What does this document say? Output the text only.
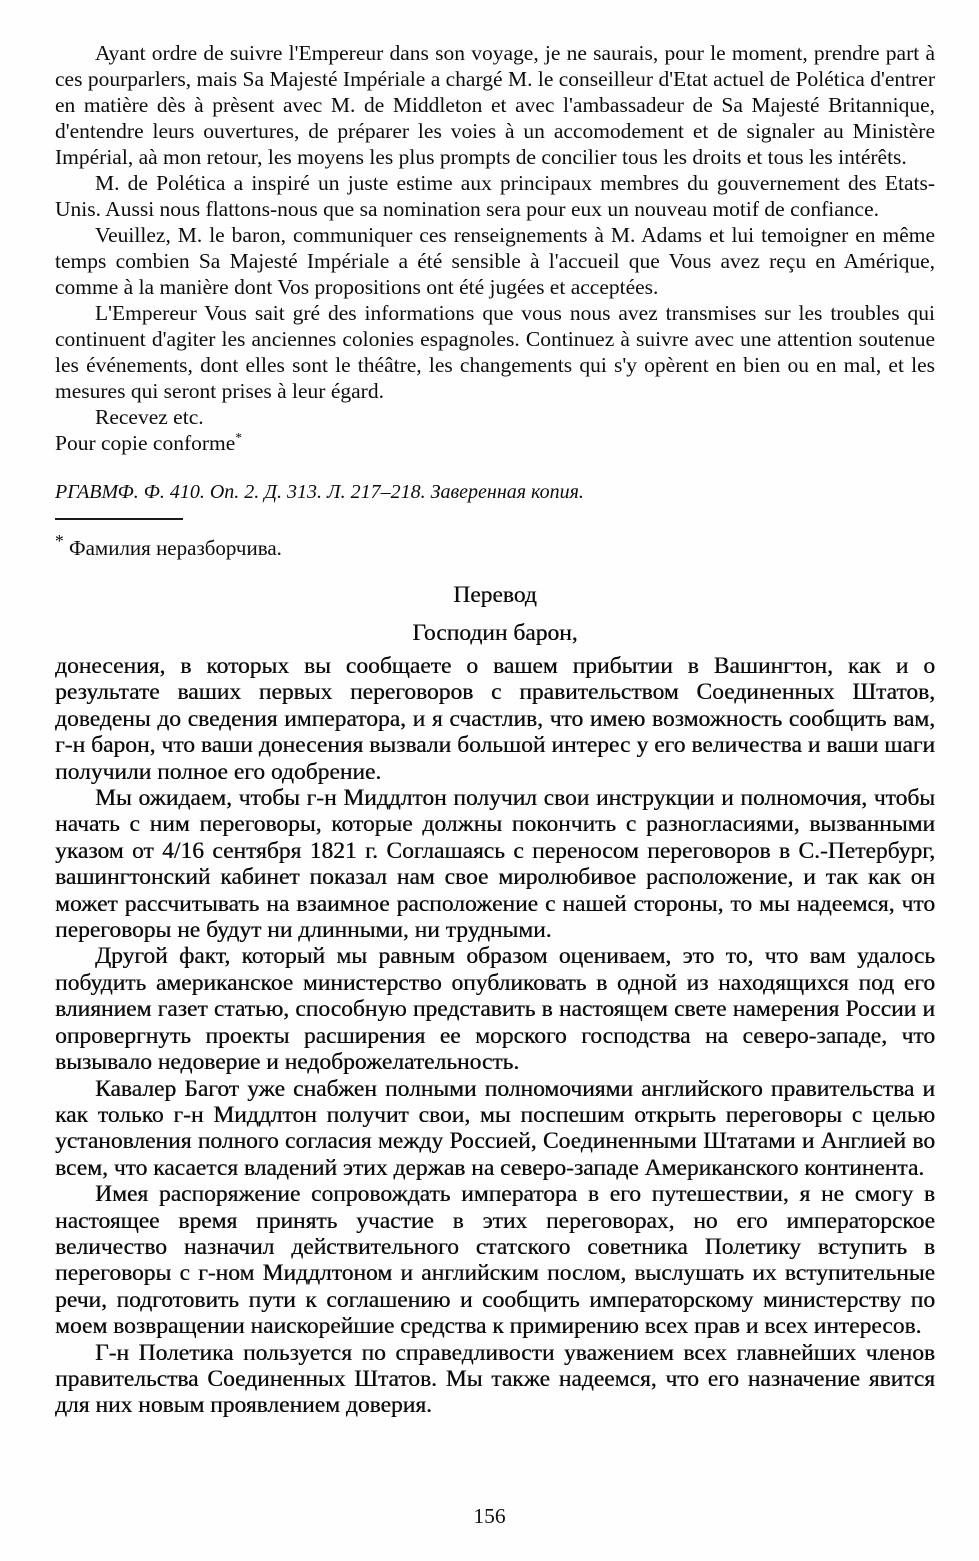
Ayant ordre de suivre l'Empereur dans son voyage, je ne saurais, pour le moment, prendre part à ces pourparlers, mais Sa Majesté Impériale a chargé M. le conseilleur d'Etat actuel de Polética d'entrer en matière dès à prèsent avec M. de Middleton et avec l'ambassadeur de Sa Majesté Britannique, d'entendre leurs ouvertures, de préparer les voies à un accomodement et de signaler au Ministère Impérial, aà mon retour, les moyens les plus prompts de concilier tous les droits et tous les intérêts.

M. de Polética a inspiré un juste estime aux principaux membres du gouvernement des Etats-Unis. Aussi nous flattons-nous que sa nomination sera pour eux un nouveau motif de confiance.

Veuillez, M. le baron, communiquer ces renseignements à M. Adams et lui temoigner en même temps combien Sa Majesté Impériale a été sensible à l'accueil que Vous avez reçu en Amérique, comme à la manière dont Vos propositions ont été jugées et acceptées.

L'Empereur Vous sait gré des informations que vous nous avez transmises sur les troubles qui continuent d'agiter les anciennes colonies espagnoles. Continuez à suivre avec une attention soutenue les événements, dont elles sont le théâtre, les changements qui s'y opèrent en bien ou en mal, et les mesures qui seront prises à leur égard.

Recevez etc.

Pour copie conforme*

РГАВМФ. Ф. 410. Оп. 2. Д. 313. Л. 217–218. Заверенная копия.

* Фамилия неразборчива.

Перевод
Господин барон,

донесения, в которых вы сообщаете о вашем прибытии в Вашингтон, как и о результате ваших первых переговоров с правительством Соединенных Штатов, доведены до сведения императора, и я счастлив, что имею возможность сообщить вам, г-н барон, что ваши донесения вызвали большой интерес у его величества и ваши шаги получили полное его одобрение.

Мы ожидаем, чтобы г-н Миддлтон получил свои инструкции и полномочия, чтобы начать с ним переговоры, которые должны покончить с разногласиями, вызванными указом от 4/16 сентября 1821 г. Соглашаясь с переносом переговоров в С.-Петербург, вашингтонский кабинет показал нам свое миролюбивое расположение, и так как он может рассчитывать на взаимное расположение с нашей стороны, то мы надеемся, что переговоры не будут ни длинными, ни трудными.

Другой факт, который мы равным образом оцениваем, это то, что вам удалось побудить американское министерство опубликовать в одной из находящихся под его влиянием газет статью, способную представить в настоящем свете намерения России и опровергнуть проекты расширения ее морского господства на северо-западе, что вызывало недоверие и недоброжелательность.

Кавалер Багот уже снабжен полными полномочиями английского правительства и как только г-н Миддлтон получит свои, мы поспешим открыть переговоры с целью установления полного согласия между Россией, Соединенными Штатами и Англией во всем, что касается владений этих держав на северо-западе Американского континента.

Имея распоряжение сопровождать императора в его путешествии, я не смогу в настоящее время принять участие в этих переговорах, но его императорское величество назначил действительного статского советника Полетику вступить в переговоры с г-ном Миддлтоном и английским послом, выслушать их вступительные речи, подготовить пути к соглашению и сообщить императорскому министерству по моем возвращении наискорейшие средства к примирению всех прав и всех интересов.

Г-н Полетика пользуется по справедливости уважением всех главнейших членов правительства Соединенных Штатов. Мы также надеемся, что его назначение явится для них новым проявлением доверия.

156
